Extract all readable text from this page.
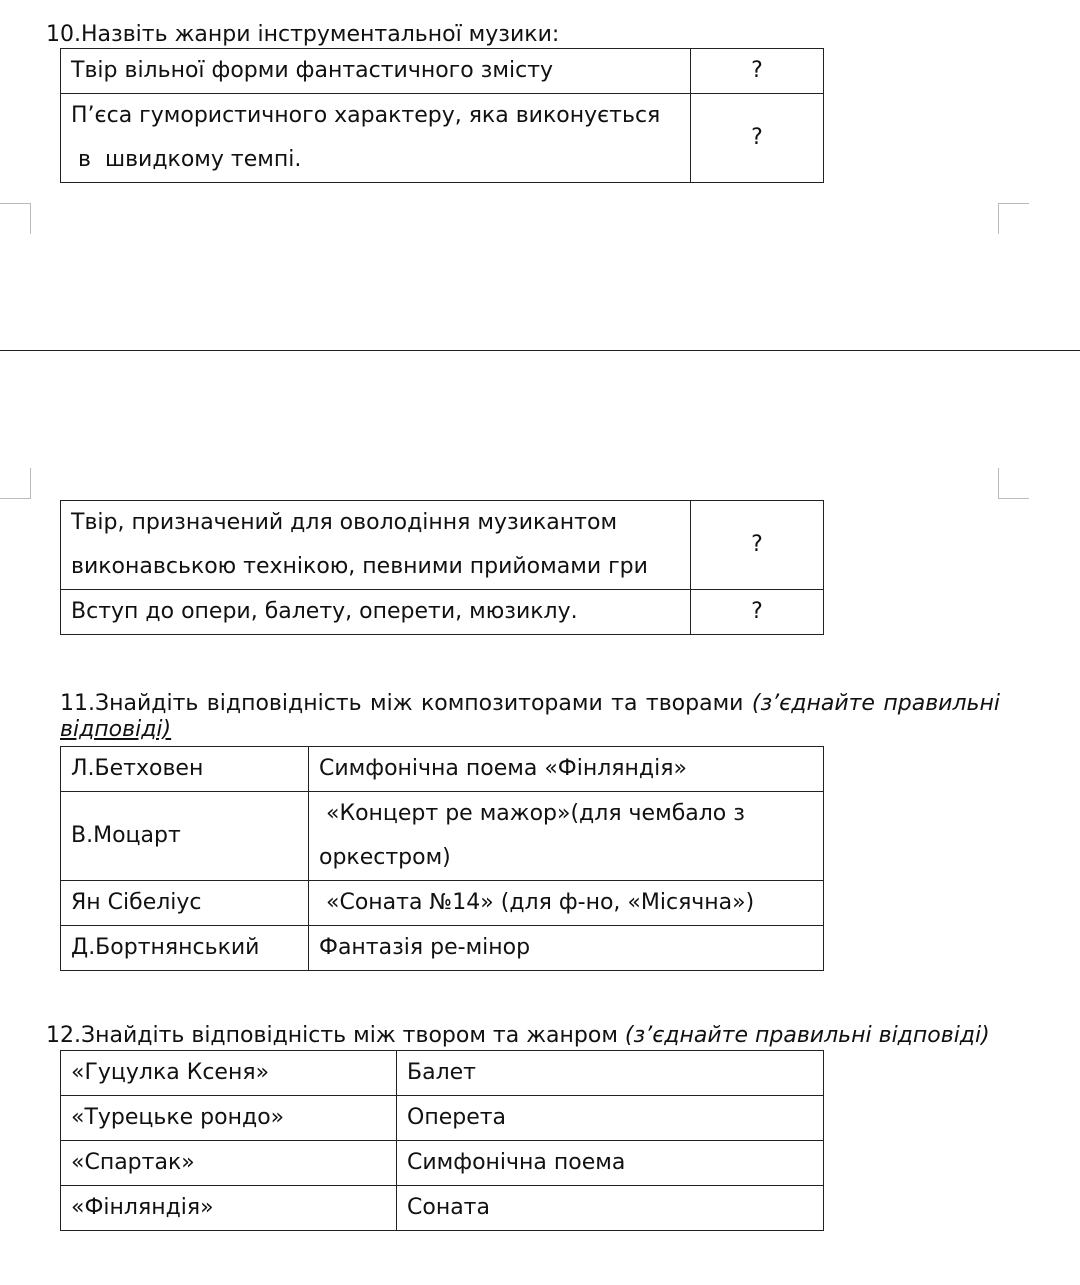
10.Назвіть жанри інструментальної музики:
Твір вільної форми фантастичного змісту	?

П’єса гумористичного характеру, яка виконується
в  швидкому темпі.	?
Твір, призначений для оволодіння музикантом
виконавською технікою, певними прийомами гри	?
Вступ до опери, балету, оперети, мюзиклу.	?
11.Знайдіть відповідність між композиторами та творами (з’єднайте правильні відповіді)
Л.Бетховен	Симфонічна поема «Фінляндія»
В.Моцарт	«Концерт ре мажор»(для чембало з
оркестром)

Ян Сібеліус	«Соната №14» (для ф-но, «Місячна»)
Д.Бортнянський	Фантазія ре-мінор
12.Знайдіть відповідність між твором та жанром (з’єднайте правильні відповіді)
«Гуцулка Ксеня»	Балет
«Турецьке рондо»	Оперета
«Спартак»	Симфонічна поема
«Фінляндія»	Соната
